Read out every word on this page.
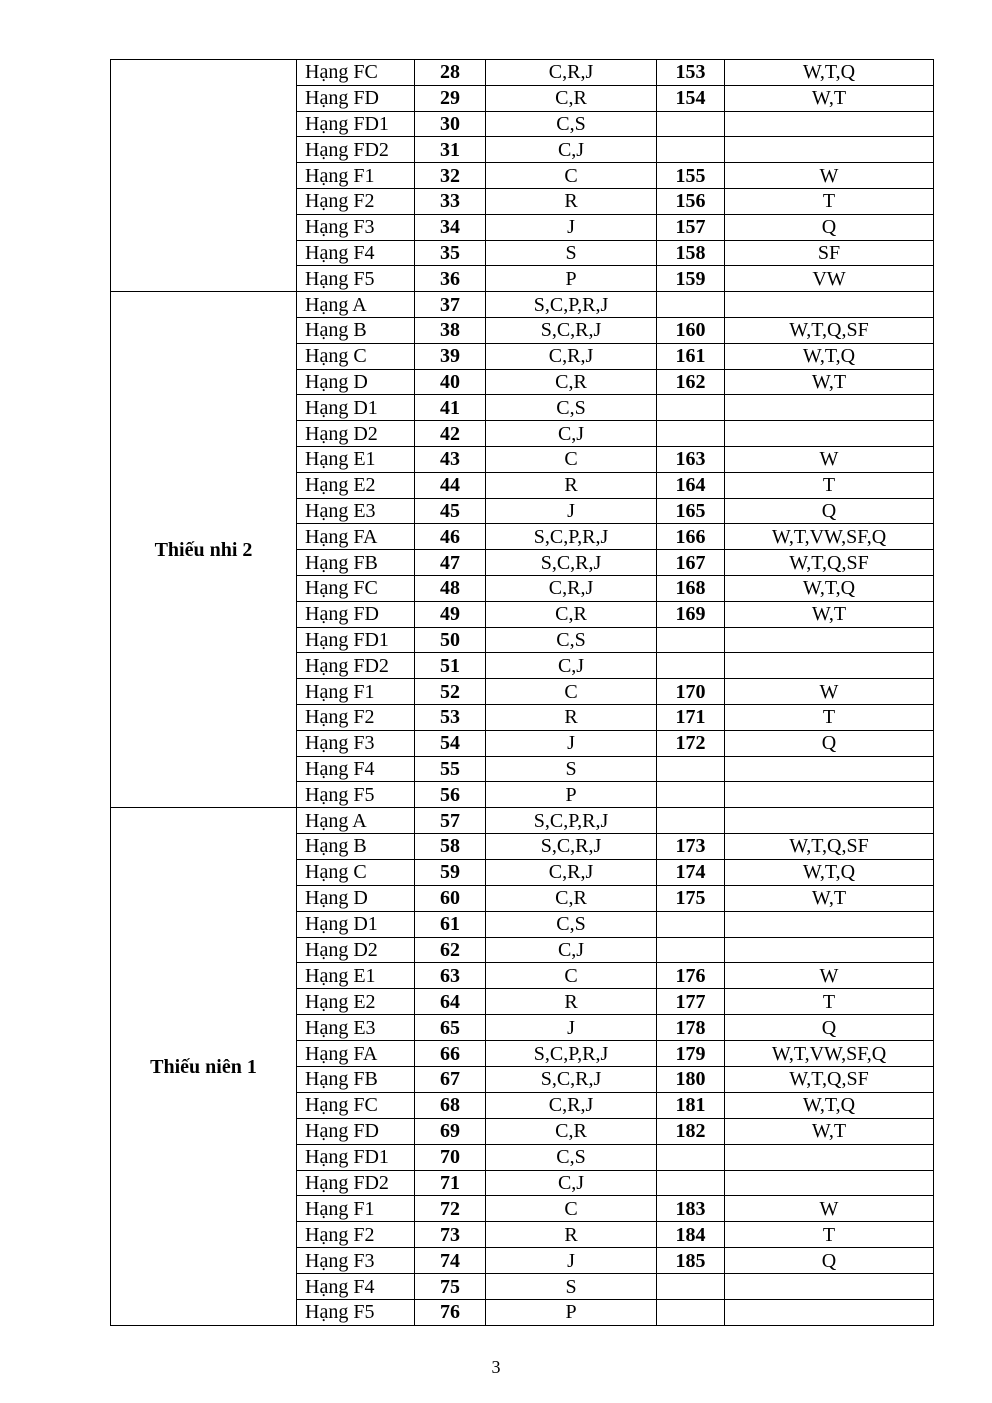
	Hạng FC	28	C,R,J	153	W,T,Q
	Hạng FD	29	C,R	154	W,T
	Hạng FD1	30	C,S		
	Hạng FD2	31	C,J		
	Hạng F1	32	C	155	W
	Hạng F2	33	R	156	T
	Hạng F3	34	J	157	Q
	Hạng F4	35	S	158	SF
	Hạng F5	36	P	159	VW
Thiếu nhi 2	Hạng A	37	S,C,P,R,J		
	Hạng B	38	S,C,R,J	160	W,T,Q,SF
	Hạng C	39	C,R,J	161	W,T,Q
	Hạng D	40	C,R	162	W,T
	Hạng D1	41	C,S		
	Hạng D2	42	C,J		
	Hạng E1	43	C	163	W
	Hạng E2	44	R	164	T
	Hạng E3	45	J	165	Q
	Hạng FA	46	S,C,P,R,J	166	W,T,VW,SF,Q
	Hạng FB	47	S,C,R,J	167	W,T,Q,SF
	Hạng FC	48	C,R,J	168	W,T,Q
	Hạng FD	49	C,R	169	W,T
	Hạng FD1	50	C,S		
	Hạng FD2	51	C,J		
	Hạng F1	52	C	170	W
	Hạng F2	53	R	171	T
	Hạng F3	54	J	172	Q
	Hạng F4	55	S		
	Hạng F5	56	P		
Thiếu niên 1	Hạng A	57	S,C,P,R,J		
	Hạng B	58	S,C,R,J	173	W,T,Q,SF
	Hạng C	59	C,R,J	174	W,T,Q
	Hạng D	60	C,R	175	W,T
	Hạng D1	61	C,S		
	Hạng D2	62	C,J		
	Hạng E1	63	C	176	W
	Hạng E2	64	R	177	T
	Hạng E3	65	J	178	Q
	Hạng FA	66	S,C,P,R,J	179	W,T,VW,SF,Q
	Hạng FB	67	S,C,R,J	180	W,T,Q,SF
	Hạng FC	68	C,R,J	181	W,T,Q
	Hạng FD	69	C,R	182	W,T
	Hạng FD1	70	C,S		
	Hạng FD2	71	C,J		
	Hạng F1	72	C	183	W
	Hạng F2	73	R	184	T
	Hạng F3	74	J	185	Q
	Hạng F4	75	S		
	Hạng F5	76	P		
3
